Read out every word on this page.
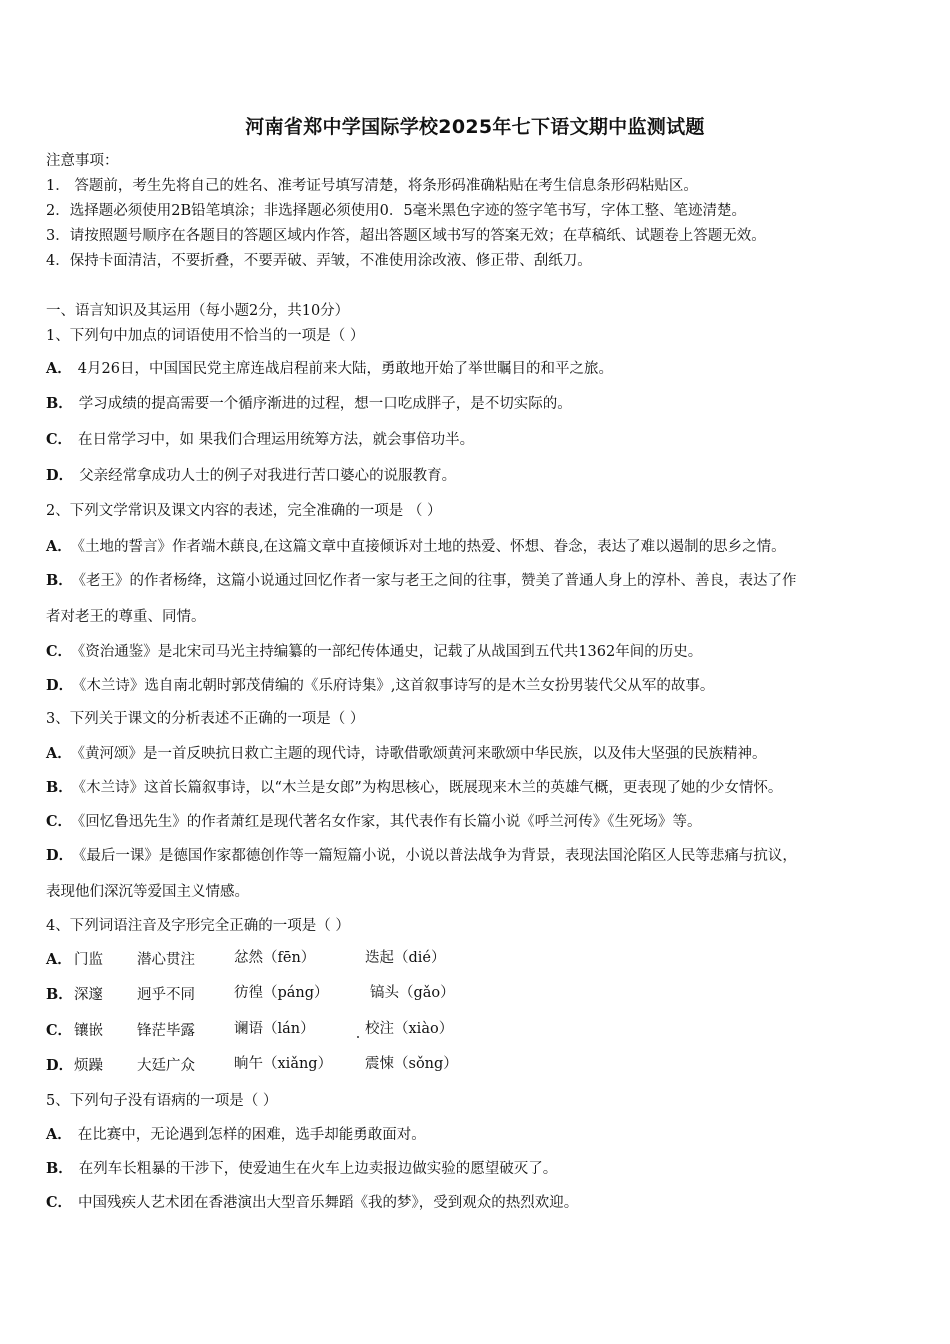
河南省郑中学国际学校2025年七下语文期中监测试题
注意事项：
1． 答题前，考生先将自己的姓名、准考证号填写清楚，将条形码准确粘贴在考生信息条形码粘贴区。
2．选择题必须使用2B铅笔填涂；非选择题必须使用0．5毫米黑色字迹的签字笔书写，字体工整、笔迹清楚。
3．请按照题号顺序在各题目的答题区域内作答，超出答题区域书写的答案无效；在草稿纸、试题卷上答题无效。
4．保持卡面清洁，不要折叠，不要弄破、弄皱，不准使用涂改液、修正带、刮纸刀。
一、语言知识及其运用（每小题2分，共10分）
1、下列句中加点的词语使用不恰当的一项是（ ）
A． 4月26日，中国国民党主席连战启程前来大陆，勇敢地开始了举世瞩目的和平之旅。
B． 学习成绩的提高需要一个循序渐进的过程，想一口吃成胖子，是不切实际的。
C． 在日常学习中，如 果我们合理运用统筹方法，就会事倍功半。
D． 父亲经常拿成功人士的例子对我进行苦口婆心的说服教育。
2、下列文学常识及课文内容的表述，完全准确的一项是 （ ）
A． 《土地的誓言》作者端木蕻良,在这篇文章中直接倾诉对土地的热爱、怀想、眷念，表达了难以遏制的思乡之情。
B． 《老王》的作者杨绛，这篇小说通过回忆作者一家与老王之间的往事，赞美了普通人身上的淳朴、善良，表达了作
者对老王的尊重、同情。
C． 《资治通鉴》是北宋司马光主持编纂的一部纪传体通史，记载了从战国到五代共1362年间的历史。
D． 《木兰诗》选自南北朝时郭茂倩编的《乐府诗集》,这首叙事诗写的是木兰女扮男装代父从军的故事。
3、下列关于课文的分析表述不正确的一项是（ ）
A． 《黄河颂》是一首反映抗日救亡主题的现代诗，诗歌借歌颂黄河来歌颂中华民族，以及伟大坚强的民族精神。
B． 《木兰诗》这首长篇叙事诗，以“木兰是女郎”为构思核心，既展现来木兰的英雄气概，更表现了她的少女情怀。
C． 《回忆鲁迅先生》的作者萧红是现代著名女作家，其代表作有长篇小说《呼兰河传》《生死场》等。
D． 《最后一课》是德国作家都德创作等一篇短篇小说，小说以普法战争为背景，表现法国沦陷区人民等悲痛与抗议，
表现他们深沉等爱国主义情感。
4、下列词语注音及字形完全正确的一项是（ ）
A． 门监 潜心贯注	忿然（fēn）	迭起（dié）
B． 深邃 迥乎不同	彷徨（páng）	镐头（gǎo）
C． 镶嵌 锋茫毕露	谰语（lán）	校注（xiào）
D． 烦躁 大廷广众	晌午（xiǎng） 震悚（sǒng）
5、下列句子没有语病的一项是（ ）
A． 在比赛中，无论遇到怎样的困难，选手却能勇敢面对。
B． 在列车长粗暴的干涉下，使爱迪生在火车上边卖报边做实验的愿望破灭了。
C． 中国残疾人艺术团在香港演出大型音乐舞蹈《我的梦》，受到观众的热烈欢迎。
